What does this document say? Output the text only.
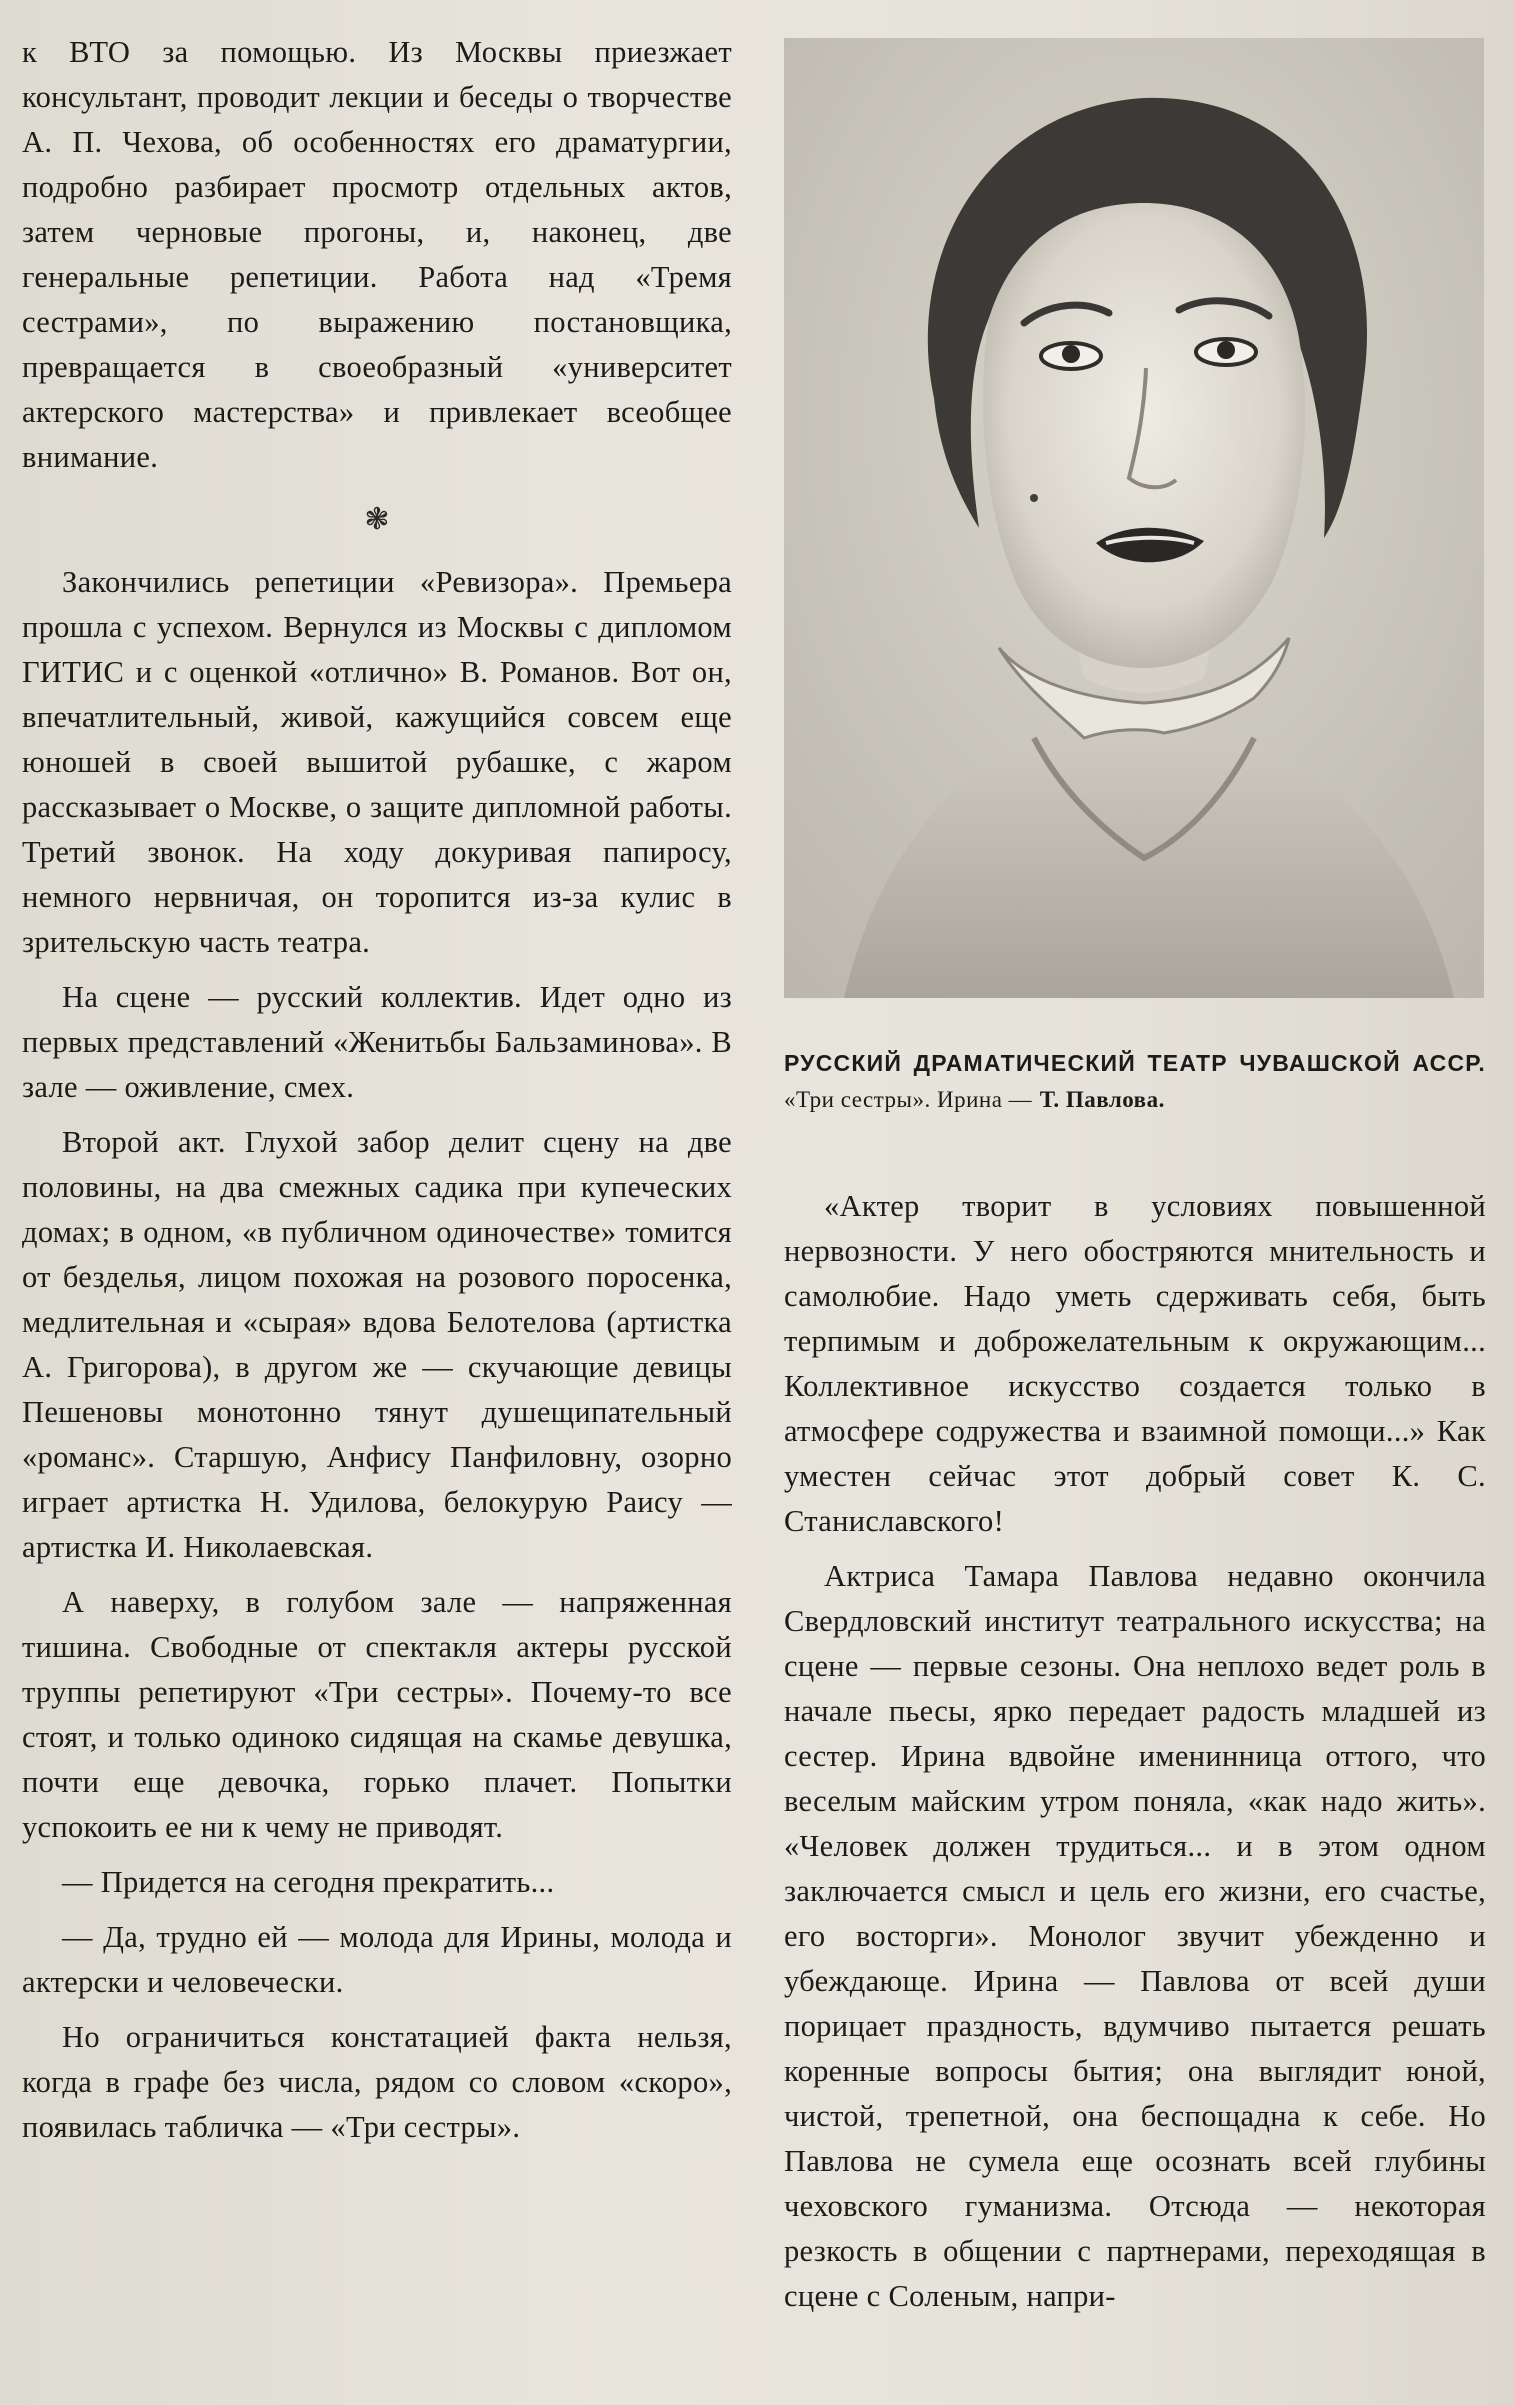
к ВТО за помощью. Из Москвы приезжает консультант, проводит лекции и беседы о творчестве А. П. Чехова, об особенностях его драматургии, подробно разбирает просмотр отдельных актов, затем черновые прогоны, и, наконец, две генеральные репетиции. Работа над «Тремя сестрами», по выражению постановщика, превращается в своеобразный «университет актерского мастерства» и привлекает всеобщее внимание.

❃

Закончились репетиции «Ревизора». Премьера прошла с успехом. Вернулся из Москвы с дипломом ГИТИС и с оценкой «отлично» В. Романов. Вот он, впечатлительный, живой, кажущийся совсем еще юношей в своей вышитой рубашке, с жаром рассказывает о Москве, о защите дипломной работы. Третий звонок. На ходу докуривая папиросу, немного нервничая, он торопится из-за кулис в зрительскую часть театра.

На сцене — русский коллектив. Идет одно из первых представлений «Женитьбы Бальзаминова». В зале — оживление, смех.

Второй акт. Глухой забор делит сцену на две половины, на два смежных садика при купеческих домах; в одном, «в публичном одиночестве» томится от безделья, лицом похожая на розового поросенка, медлительная и «сырая» вдова Белотелова (артистка А. Григорова), в другом же — скучающие девицы Пешеновы монотонно тянут душещипательный «романс». Старшую, Анфису Панфиловну, озорно играет артистка Н. Удилова, белокурую Раису — артистка И. Николаевская.

А наверху, в голубом зале — напряженная тишина. Свободные от спектакля актеры русской труппы репетируют «Три сестры». Почему-то все стоят, и только одиноко сидящая на скамье девушка, почти еще девочка, горько плачет. Попытки успокоить ее ни к чему не приводят.

— Придется на сегодня прекратить...

— Да, трудно ей — молода для Ирины, молода и актерски и человечески.

Но ограничиться констатацией факта нельзя, когда в графе без числа, рядом со словом «скоро», появилась табличка — «Три сестры».

РУССКИЙ ДРАМАТИЧЕСКИЙ ТЕАТР ЧУВАШСКОЙ АССР. «Три сестры». Ирина — Т. Павлова.

«Актер творит в условиях повышенной нервозности. У него обостряются мнительность и самолюбие. Надо уметь сдерживать себя, быть терпимым и доброжелательным к окружающим... Коллективное искусство создается только в атмосфере содружества и взаимной помощи...» Как уместен сейчас этот добрый совет К. С. Станиславского!

Актриса Тамара Павлова недавно окончила Свердловский институт театрального искусства; на сцене — первые сезоны. Она неплохо ведет роль в начале пьесы, ярко передает радость младшей из сестер. Ирина вдвойне именинница оттого, что веселым майским утром поняла, «как надо жить». «Человек должен трудиться... и в этом одном заключается смысл и цель его жизни, его счастье, его восторги». Монолог звучит убежденно и убеждающе. Ирина — Павлова от всей души порицает праздность, вдумчиво пытается решать коренные вопросы бытия; она выглядит юной, чистой, трепетной, она беспощадна к себе. Но Павлова не сумела еще осознать всей глубины чеховского гуманизма. Отсюда — некоторая резкость в общении с партнерами, переходящая в сцене с Соленым, напри-
